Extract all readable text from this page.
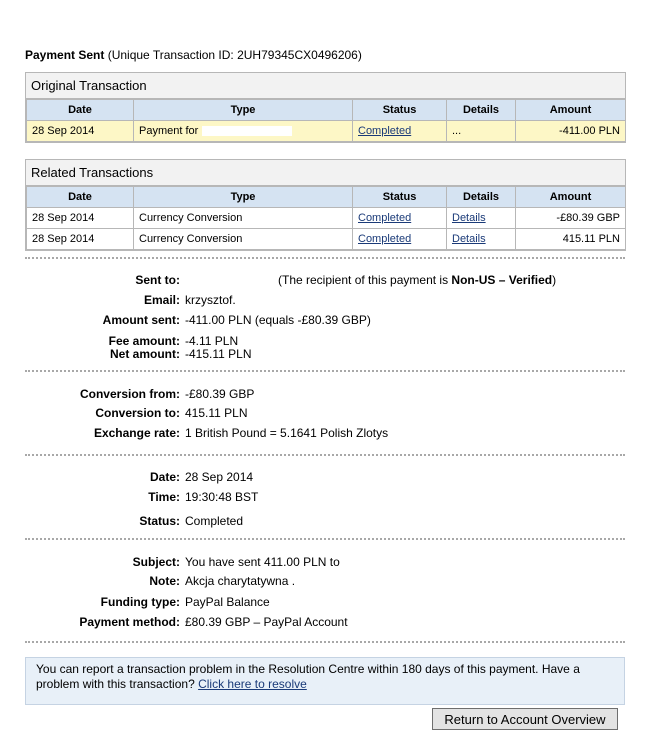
Payment Sent (Unique Transaction ID: 2UH79345CX0496206)
Original Transaction
Date	Type	Status	Details	Amount
28 Sep 2014	Payment for	Completed	...	-411.00 PLN
Related Transactions
Date	Type	Status	Details	Amount
28 Sep 2014	Currency Conversion	Completed	Details	-£80.39 GBP
28 Sep 2014	Currency Conversion	Completed	Details	415.11 PLN
Sent to:	(The recipient of this payment is Non-US – Verified)
Email: krzysztof.
Amount sent: -411.00 PLN (equals -£80.39 GBP)
Fee amount: -4.11 PLN
Net amount: -415.11 PLN
Conversion from: -£80.39 GBP
Conversion to: 415.11 PLN
Exchange rate: 1 British Pound = 5.1641 Polish Zlotys
Date: 28 Sep 2014
Time: 19:30:48 BST
Status: Completed
Subject: You have sent 411.00 PLN to
Note: Akcja charytatywna .
Funding type: PayPal Balance
Payment method: £80.39 GBP – PayPal Account
You can report a transaction problem in the Resolution Centre within 180 days of this payment. Have a problem with this transaction? Click here to resolve
Return to Account Overview
